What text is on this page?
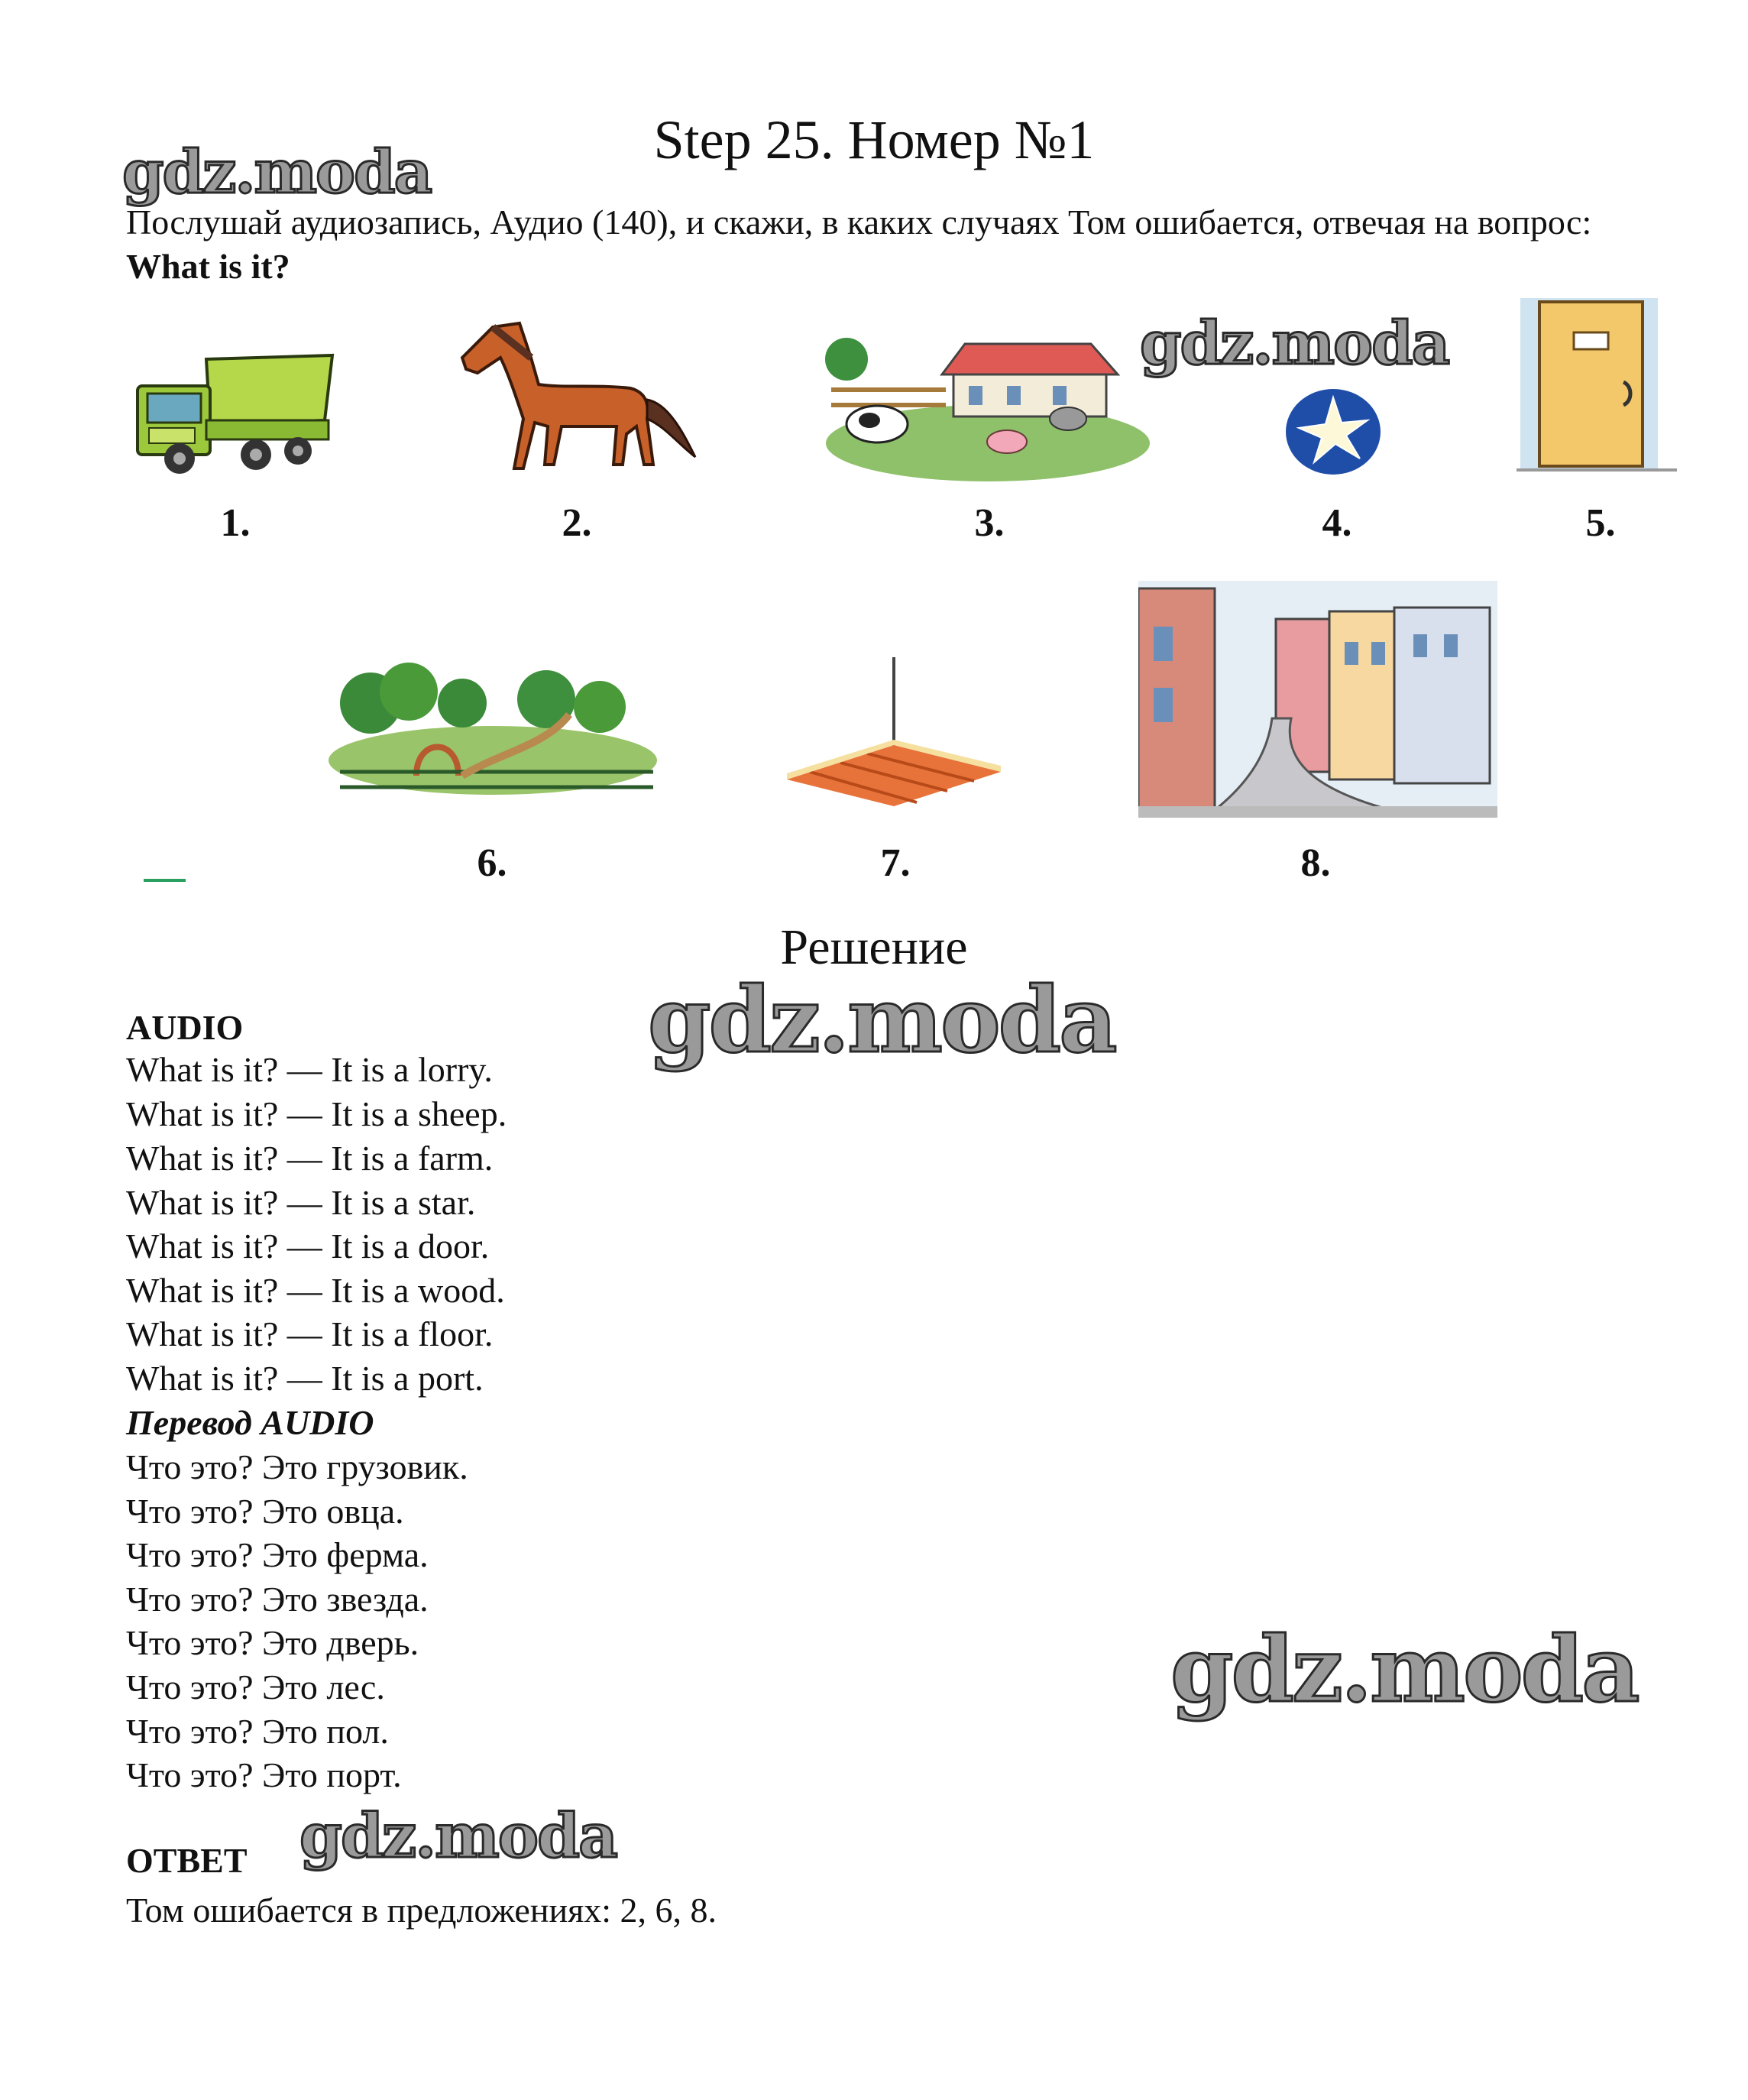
Step 25. Номер №1
gdz.moda
gdz.moda
gdz.moda
gdz.moda
gdz.moda
Послушай аудиозапись, Аудио (140), и скажи, в каких случаях Том ошибается, отвечая на вопрос: What is it?
1.	2.	3.	4.	5.
6.	7.	8.
Решение
AUDIO
What is it? — It is a lorry.
What is it? — It is a sheep.
What is it? — It is a farm.
What is it? — It is a star.
What is it? — It is a door.
What is it? — It is a wood.
What is it? — It is a floor.
What is it? — It is a port.
Перевод AUDIO
Что это? Это грузовик.
Что это? Это овца.
Что это? Это ферма.
Что это? Это звезда.
Что это? Это дверь.
Что это? Это лес.
Что это? Это пол.
Что это? Это порт.
ОТВЕТ
Том ошибается в предложениях: 2, 6, 8.
